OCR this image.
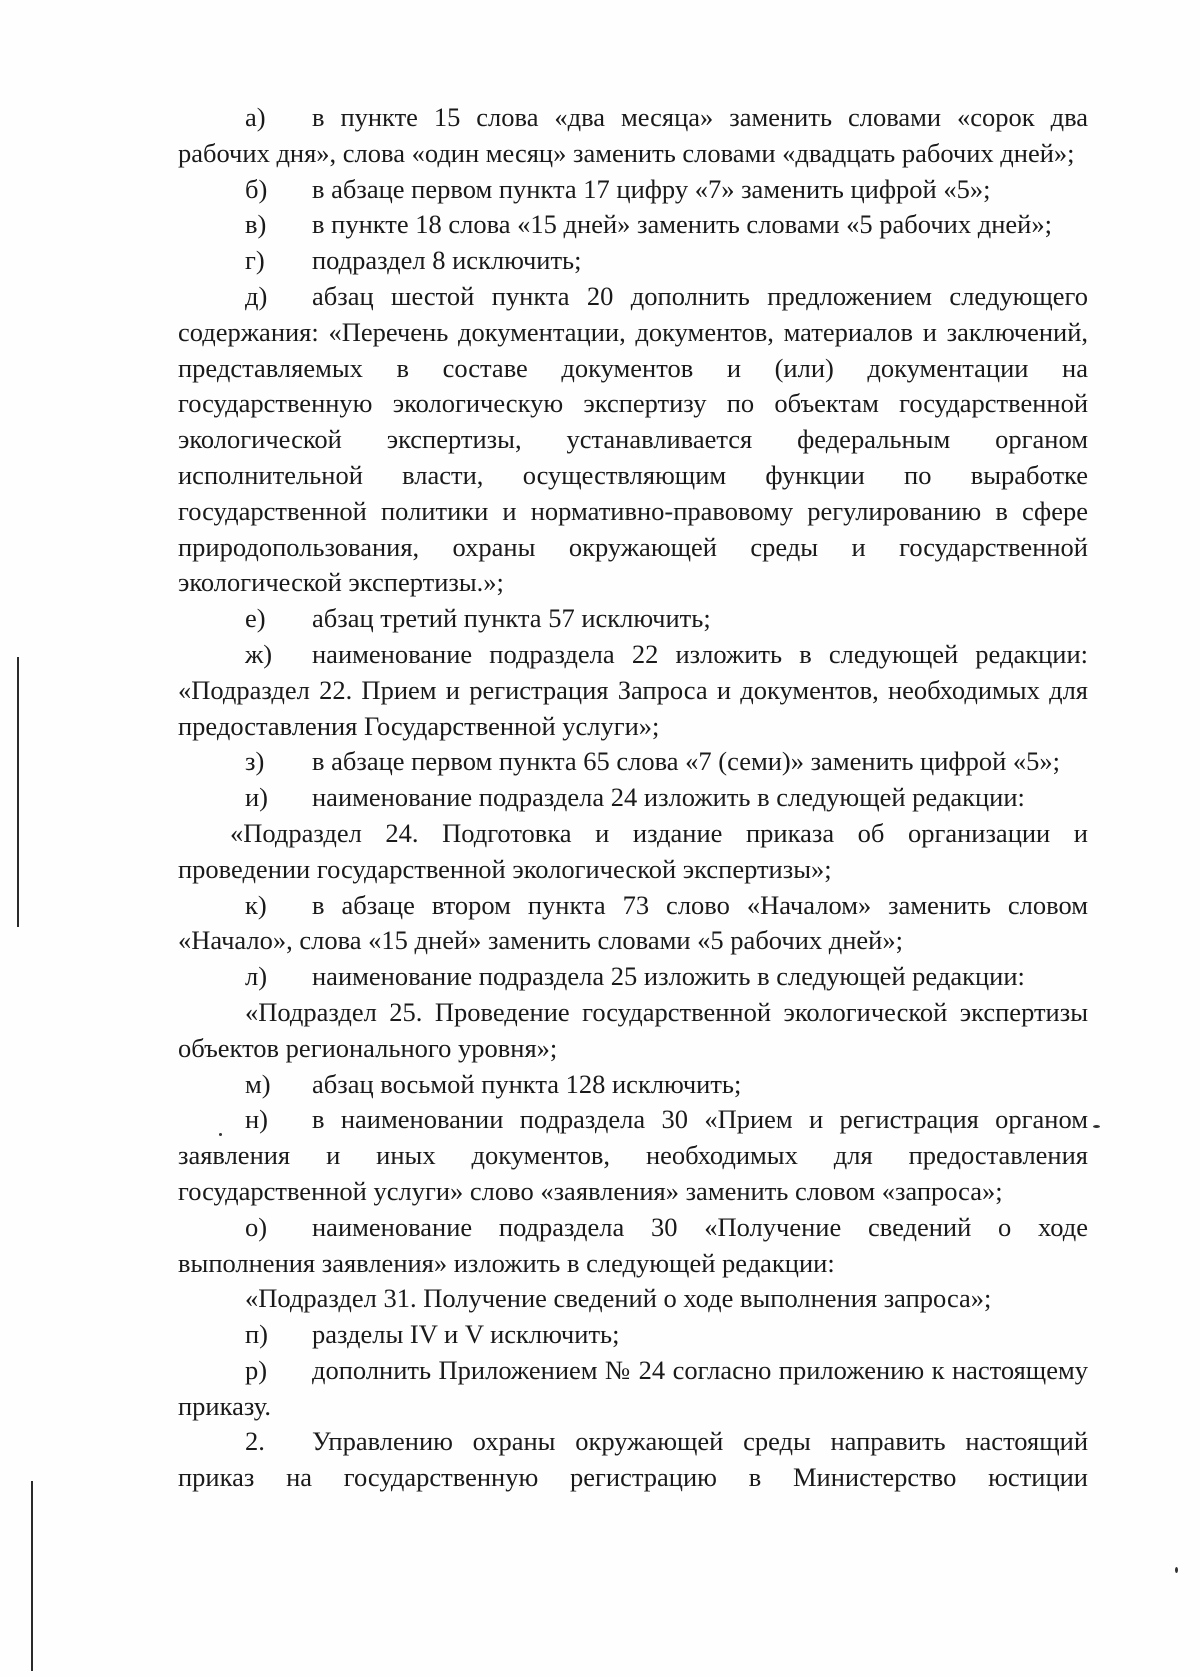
а) в пункте 15 слова «два месяца» заменить словами «сорок два рабочих дня», слова «один месяц» заменить словами «двадцать рабочих дней»;

б) в абзаце первом пункта 17 цифру «7» заменить цифрой «5»;

в) в пункте 18 слова «15 дней» заменить словами «5 рабочих дней»;

г) подраздел 8 исключить;

д) абзац шестой пункта 20 дополнить предложением следующего содержания: «Перечень документации, документов, материалов и заключений, представляемых в составе документов и (или) документации на государственную экологическую экспертизу по объектам государственной экологической экспертизы, устанавливается федеральным органом исполнительной власти, осуществляющим функции по выработке государственной политики и нормативно-правовому регулированию в сфере природопользования, охраны окружающей среды и государственной экологической экспертизы.»;

е) абзац третий пункта 57 исключить;

ж) наименование подраздела 22 изложить в следующей редакции: «Подраздел 22. Прием и регистрация Запроса и документов, необходимых для предоставления Государственной услуги»;

з) в абзаце первом пункта 65 слова «7 (семи)» заменить цифрой «5»;

и) наименование подраздела 24 изложить в следующей редакции:

«Подраздел 24. Подготовка и издание приказа об организации и проведении государственной экологической экспертизы»;

к) в абзаце втором пункта 73 слово «Началом» заменить словом «Начало», слова «15 дней» заменить словами «5 рабочих дней»;

л) наименование подраздела 25 изложить в следующей редакции:

«Подраздел 25. Проведение государственной экологической экспертизы объектов регионального уровня»;

м) абзац восьмой пункта 128 исключить;

н) в наименовании подраздела 30 «Прием и регистрация органом заявления и иных документов, необходимых для предоставления государственной услуги» слово «заявления» заменить словом «запроса»;

о) наименование подраздела 30 «Получение сведений о ходе выполнения заявления» изложить в следующей редакции:

«Подраздел 31. Получение сведений о ходе выполнения запроса»;

п) разделы IV и V исключить;

р) дополнить Приложением № 24 согласно приложению к настоящему приказу.

2. Управлению охраны окружающей среды направить настоящий приказ на государственную регистрацию в Министерство юстиции
